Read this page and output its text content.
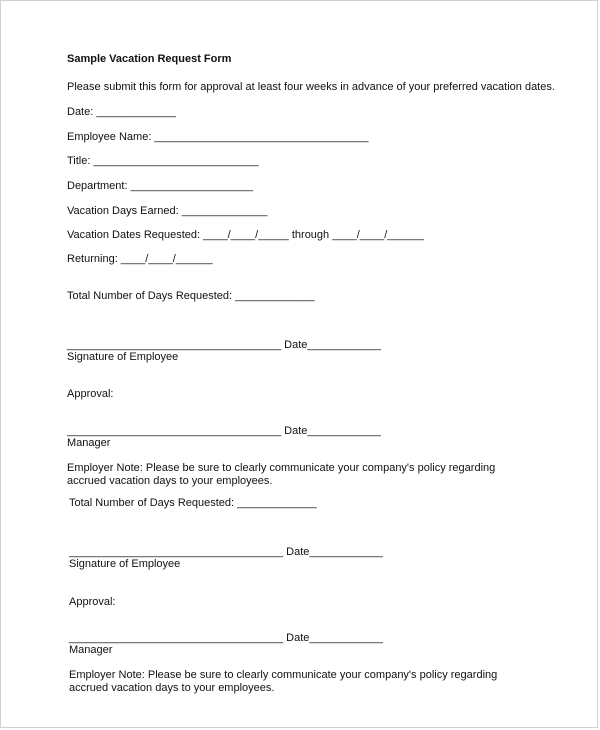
Sample Vacation Request Form
Please submit this form for approval at least four weeks in advance of your preferred vacation dates.
Date: _____________
Employee Name: ___________________________________
Title: ___________________________
Department: ____________________
Vacation Days Earned: ______________
Vacation Dates Requested: ____/____/_____ through ____/____/______
Returning: ____/____/______
Total Number of Days Requested: _____________
___________________________________ Date____________
Signature of Employee
Approval:
___________________________________ Date____________
Manager
Employer Note: Please be sure to clearly communicate your company's policy regarding accrued vacation days to your employees.
Total Number of Days Requested: _____________
___________________________________ Date____________
Signature of Employee
Approval:
___________________________________ Date____________
Manager
Employer Note: Please be sure to clearly communicate your company's policy regarding accrued vacation days to your employees.
